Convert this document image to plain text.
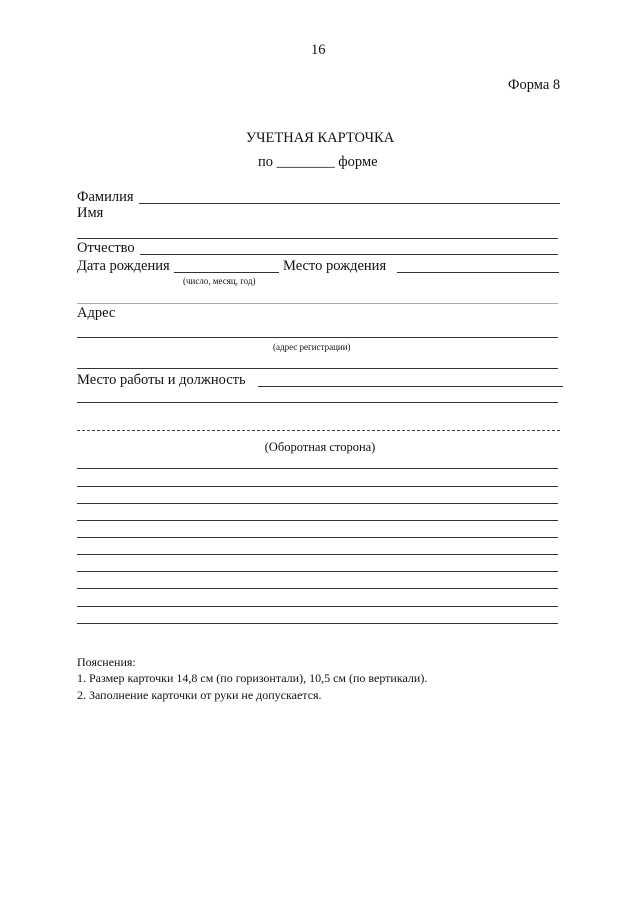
16
Форма 8
УЧЕТНАЯ КАРТОЧКА
по ________ форме
Фамилия
Имя
Отчество
Дата рождения	Место рождения
(число, месяц, год)
Адрес
(адрес регистрации)
Место работы и должность
(Оборотная сторона)
Пояснения:
1. Размер карточки 14,8 см (по горизонтали), 10,5 см (по вертикали).
2. Заполнение карточки от руки не допускается.
